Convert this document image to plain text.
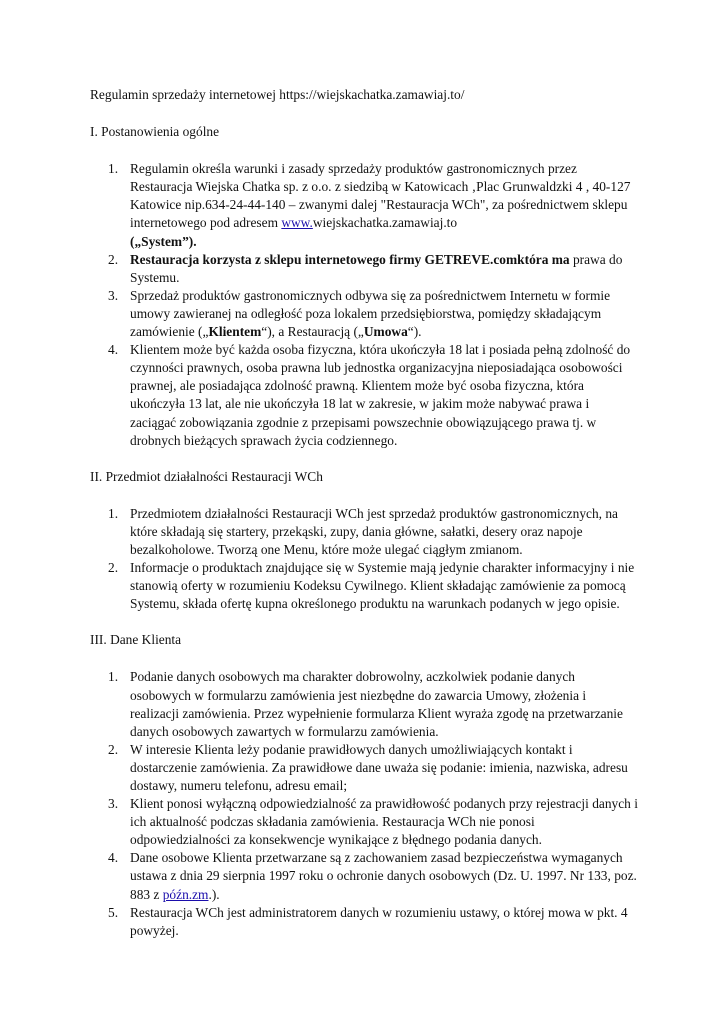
Regulamin sprzedaży internetowej https://wiejskachatka.zamawiaj.to/

I. Postanowienia ogólne

1. Regulamin określa warunki i zasady sprzedaży produktów gastronomicznych przez Restauracja Wiejska Chatka sp. z o.o. z siedzibą w Katowicach ‚Plac Grunwaldzki 4 , 40-127 Katowice nip.634-24-44-140 – zwanymi dalej "Restauracja WCh", za pośrednictwem sklepu internetowego pod adresem www.wiejskachatka.zamawiaj.to
(„System”).
2. Restauracja korzysta z sklepu internetowego firmy GETREVE.comktóra ma prawa do Systemu.
3. Sprzedaż produktów gastronomicznych odbywa się za pośrednictwem Internetu w formie umowy zawieranej na odległość poza lokalem przedsiębiorstwa, pomiędzy składającym zamówienie („Klientem“), a Restauracją („Umowa“).
4. Klientem może być każda osoba fizyczna, która ukończyła 18 lat i posiada pełną zdolność do czynności prawnych, osoba prawna lub jednostka organizacyjna nieposiadająca osobowości prawnej, ale posiadająca zdolność prawną. Klientem może być osoba fizyczna, która ukończyła 13 lat, ale nie ukończyła 18 lat w zakresie, w jakim może nabywać prawa i zaciągać zobowiązania zgodnie z przepisami powszechnie obowiązującego prawa tj. w drobnych bieżących sprawach życia codziennego.

II. Przedmiot działalności Restauracji WCh

1. Przedmiotem działalności Restauracji WCh jest sprzedaż produktów gastronomicznych, na które składają się startery, przekąski, zupy, dania główne, sałatki, desery oraz napoje bezalkoholowe. Tworzą one Menu, które może ulegać ciągłym zmianom.
2. Informacje o produktach znajdujące się w Systemie mają jedynie charakter informacyjny i nie stanowią oferty w rozumieniu Kodeksu Cywilnego. Klient składając zamówienie za pomocą Systemu, składa ofertę kupna określonego produktu na warunkach podanych w jego opisie.

III. Dane Klienta

1. Podanie danych osobowych ma charakter dobrowolny, aczkolwiek podanie danych osobowych w formularzu zamówienia jest niezbędne do zawarcia Umowy, złożenia i realizacji zamówienia. Przez wypełnienie formularza Klient wyraża zgodę na przetwarzanie danych osobowych zawartych w formularzu zamówienia.
2. W interesie Klienta leży podanie prawidłowych danych umożliwiających kontakt i dostarczenie zamówienia. Za prawidłowe dane uważa się podanie: imienia, nazwiska, adresu dostawy, numeru telefonu, adresu email;
3. Klient ponosi wyłączną odpowiedzialność za prawidłowość podanych przy rejestracji danych i ich aktualność podczas składania zamówienia. Restauracja WCh nie ponosi odpowiedzialności za konsekwencje wynikające z błędnego podania danych.
4. Dane osobowe Klienta przetwarzane są z zachowaniem zasad bezpieczeństwa wymaganych ustawa z dnia 29 sierpnia 1997 roku o ochronie danych osobowych (Dz. U. 1997. Nr 133, poz. 883 z późn.zm.).
5. Restauracja WCh jest administratorem danych w rozumieniu ustawy, o której mowa w pkt. 4 powyżej.
